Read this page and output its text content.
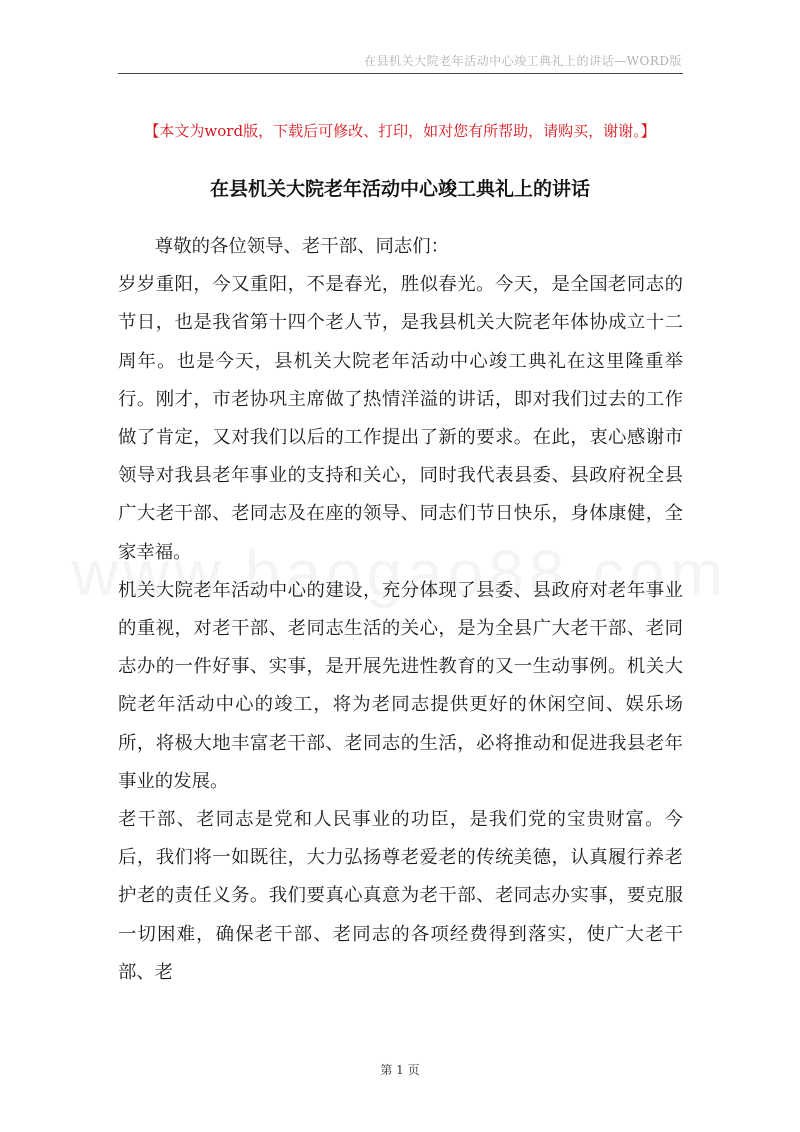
在县机关大院老年活动中心竣工典礼上的讲话—WORD版
【本文为word版，下载后可修改、打印，如对您有所帮助，请购买，谢谢。】
在县机关大院老年活动中心竣工典礼上的讲话

尊敬的各位领导、老干部、同志们：

岁岁重阳，今又重阳，不是春光，胜似春光。今天，是全国老同志的节日，也是我省第十四个老人节，是我县机关大院老年体协成立十二周年。也是今天，县机关大院老年活动中心竣工典礼在这里隆重举行。刚才，市老协巩主席做了热情洋溢的讲话，即对我们过去的工作做了肯定，又对我们以后的工作提出了新的要求。在此，衷心感谢市领导对我县老年事业的支持和关心，同时我代表县委、县政府祝全县广大老干部、老同志及在座的领导、同志们节日快乐，身体康健，全家幸福。

机关大院老年活动中心的建设，充分体现了县委、县政府对老年事业的重视，对老干部、老同志生活的关心，是为全县广大老干部、老同志办的一件好事、实事，是开展先进性教育的又一生动事例。机关大院老年活动中心的竣工，将为老同志提供更好的休闲空间、娱乐场所，将极大地丰富老干部、老同志的生活，必将推动和促进我县老年事业的发展。

老干部、老同志是党和人民事业的功臣，是我们党的宝贵财富。今后，我们将一如既往，大力弘扬尊老爱老的传统美德，认真履行养老护老的责任义务。我们要真心真意为老干部、老同志办实事，要克服一切困难，确保老干部、老同志的各项经费得到落实，使广大老干部、老

第 1 页
